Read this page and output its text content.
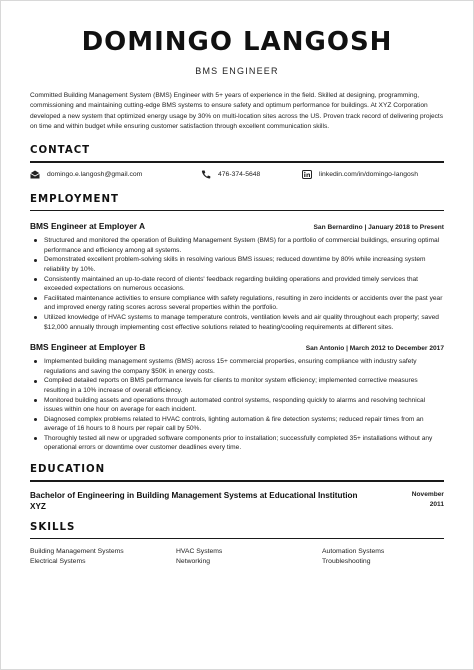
DOMINGO LANGOSH
BMS ENGINEER
Committed Building Management System (BMS) Engineer with 5+ years of experience in the field. Skilled at designing, programming, commissioning and maintaining cutting-edge BMS systems to ensure safety and optimum performance for buildings. At XYZ Corporation developed a new system that optimized energy usage by 30% on multi-location sites across the US. Proven track record of delivering projects on time and within budget while ensuring customer satisfaction through excellent communication skills.
CONTACT
domingo.e.langosh@gmail.com	476-374-5648	linkedin.com/in/domingo-langosh
EMPLOYMENT
BMS Engineer at Employer A	San Bernardino | January 2018 to Present
Structured and monitored the operation of Building Management System (BMS) for a portfolio of commercial buildings, ensuring optimal performance and efficiency among all systems.
Demonstrated excellent problem-solving skills in resolving various BMS issues; reduced downtime by 80% while increasing system reliability by 10%.
Consistently maintained an up-to-date record of clients' feedback regarding building operations and provided timely services that exceeded expectations on numerous occasions.
Facilitated maintenance activities to ensure compliance with safety regulations, resulting in zero incidents or accidents over the past year and improved energy rating scores across several properties within the portfolio.
Utilized knowledge of HVAC systems to manage temperature controls, ventilation levels and air quality throughout each property; saved $12,000 annually through implementing cost effective solutions related to heating/cooling requirements at different sites.
BMS Engineer at Employer B	San Antonio | March 2012 to December 2017
Implemented building management systems (BMS) across 15+ commercial properties, ensuring compliance with industry safety regulations and saving the company $50K in energy costs.
Compiled detailed reports on BMS performance levels for clients to monitor system efficiency; implemented corrective measures resulting in a 10% increase of overall efficiency.
Monitored building assets and operations through automated control systems, responding quickly to alarms and resolving technical issues within one hour on average for each incident.
Diagnosed complex problems related to HVAC controls, lighting automation & fire detection systems; reduced repair times from an average of 16 hours to 8 hours per repair call by 50%.
Thoroughly tested all new or upgraded software components prior to installation; successfully completed 35+ installations without any operational errors or downtime over customer deadlines every time.
EDUCATION
Bachelor of Engineering in Building Management Systems at Educational Institution XYZ
November
2011
SKILLS
Building Management Systems	HVAC Systems	Automation Systems
Electrical Systems	Networking	Troubleshooting
